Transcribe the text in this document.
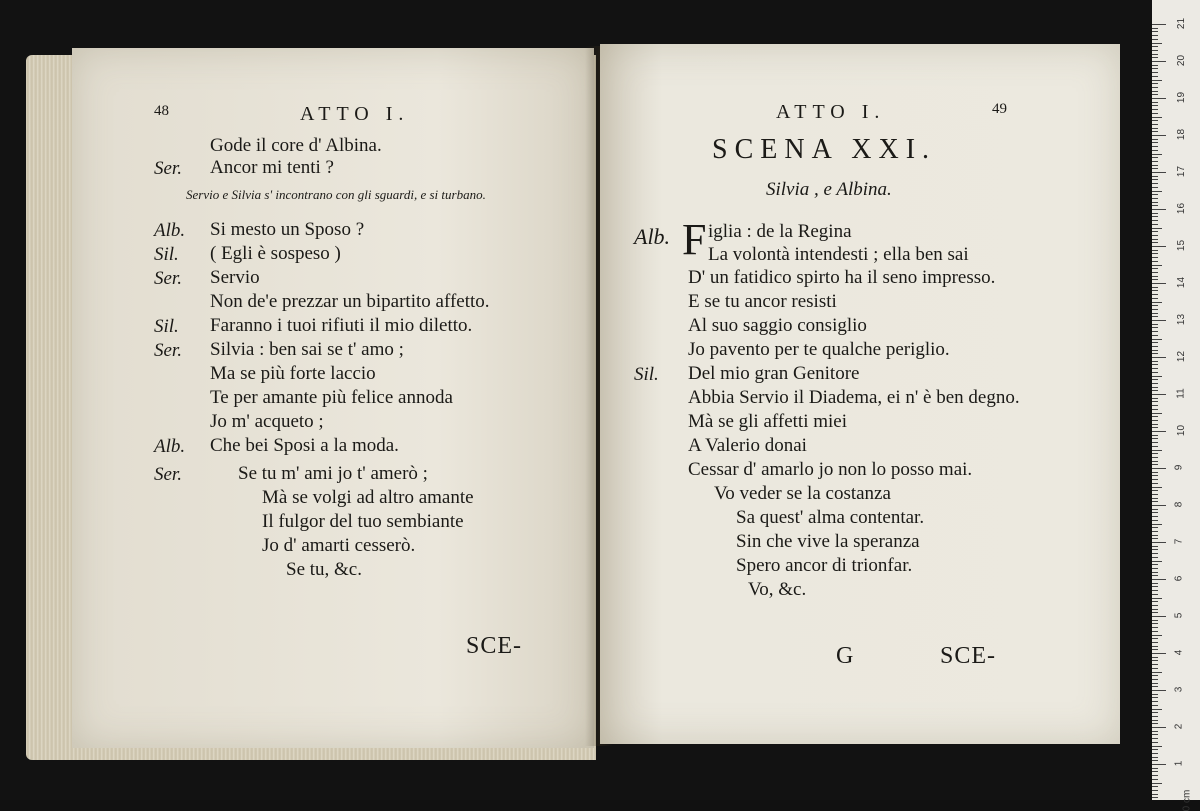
48	ATTO I.
Gode il core d' Albina.
Ser. Ancor mi tenti ?
Servio e Silvia s' incontrano con gli sguardi, e si turbano.
Alb. Si mesto un Sposo ?
Sil. ( Egli è sospeso )
Ser. Servio
Non de'e prezzar un bipartito affetto.
Sil. Faranno i tuoi rifiuti il mio diletto.
Ser. Silvia : ben sai se t' amo ;
Ma se più forte laccio
Te per amante più felice annoda
Jo m' acqueto ;
Alb. Che bei Sposi a la moda.
Ser.	Se tu m' ami jo t' amerò ;
Mà se volgi ad altro amante
Il fulgor del tuo sembiante
Jo d' amarti cesserò.
Se tu, &c.
SCE-
ATTO I.	49
SCENA XXI.
Silvia , e Albina.
Alb. F iglia : de la Regina
La volontà intendesti ; ella ben sai
D' un fatidico spirto ha il seno impresso.
E se tu ancor resisti
Al suo saggio consiglio
Jo pavento per te qualche periglio.
Sil. Del mio gran Genitore
Abbia Servio il Diadema, ei n' è ben degno.
Mà se gli affetti miei
A Valerio donai
Cessar d' amarlo jo non lo posso mai.
Vo veder se la costanza
Sa quest' alma contentar.
Sin che vive la speranza
Spero ancor di trionfar.
Vo, &c.
G	SCE-
21
20
19
18
17
16
15
14
13
12
11
10
9
8
7
6
5
4
3
2
1
0 cm
